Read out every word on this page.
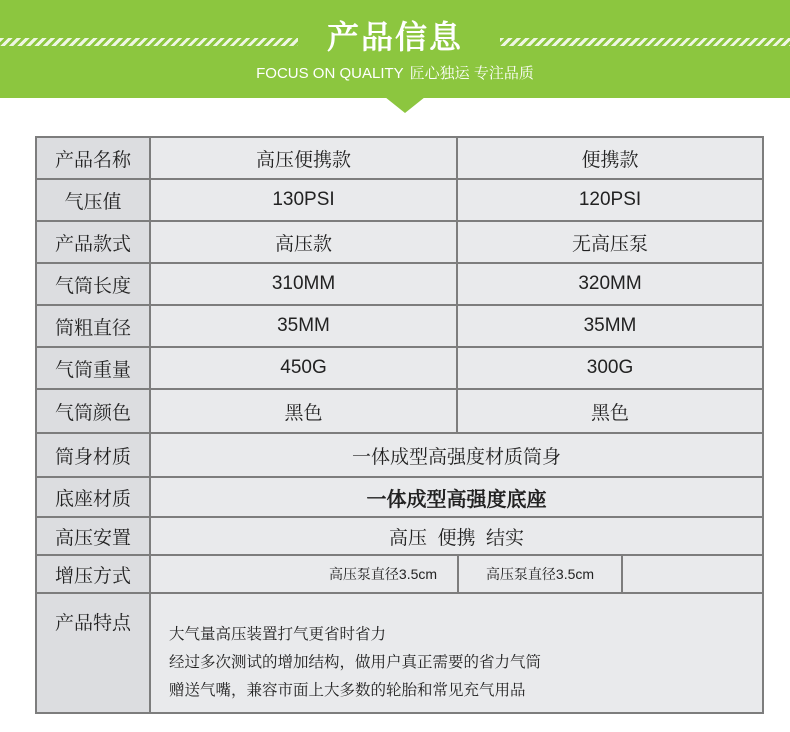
产品信息
FOCUS ON QUALITY 匠心独运 专注品质
产品名称	高压便携款	便携款
气压值	130PSI	120PSI
产品款式	高压款	无高压泵
气筒长度	310MM	320MM
筒粗直径	35MM	35MM
气筒重量	450G	300G
气筒颜色	黑色	黑色
筒身材质	一体成型高强度材质筒身
底座材质	一体成型高强度底座
高压安置	高压  便携  结实
增压方式	高压泵直径3.5cm	高压泵直径3.5cm
产品特点	大气量高压装置打气更省时省力
经过多次测试的增加结构，做用户真正需要的省力气筒
赠送气嘴，兼容市面上大多数的轮胎和常见充气用品
